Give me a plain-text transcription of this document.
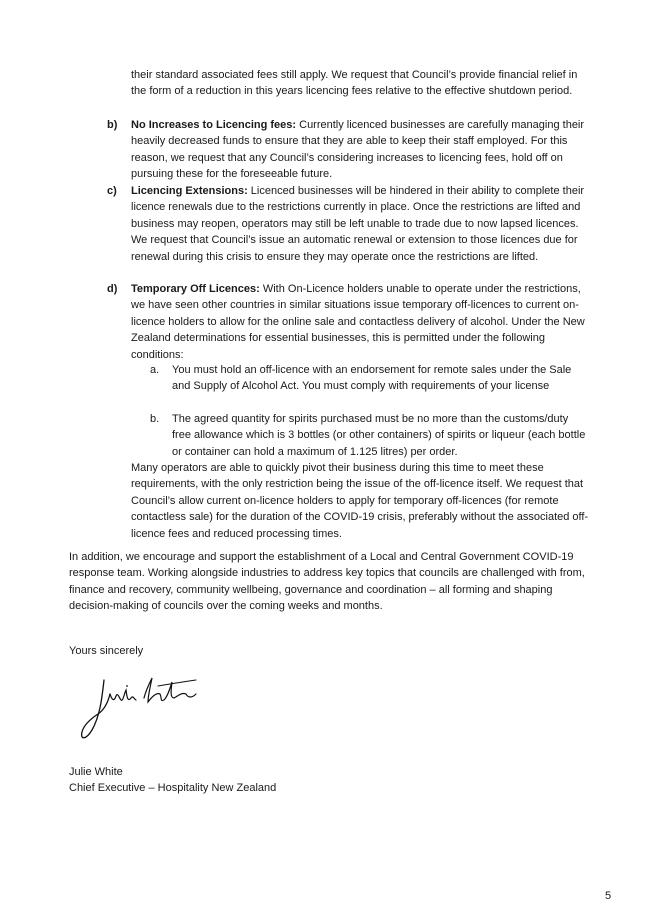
their standard associated fees still apply. We request that Council’s provide financial relief in the form of a reduction in this years licencing fees relative to the effective shutdown period.

b) No Increases to Licencing fees: Currently licenced businesses are carefully managing their heavily decreased funds to ensure that they are able to keep their staff employed. For this reason, we request that any Council’s considering increases to licencing fees, hold off on pursuing these for the foreseeable future.
c) Licencing Extensions: Licenced businesses will be hindered in their ability to complete their licence renewals due to the restrictions currently in place. Once the restrictions are lifted and business may reopen, operators may still be left unable to trade due to now lapsed licences. We request that Council’s issue an automatic renewal or extension to those licences due for renewal during this crisis to ensure they may operate once the restrictions are lifted.
d) Temporary Off Licences: With On-Licence holders unable to operate under the restrictions, we have seen other countries in similar situations issue temporary off-licences to current on-licence holders to allow for the online sale and contactless delivery of alcohol. Under the New Zealand determinations for essential businesses, this is permitted under the following conditions:
a. You must hold an off-licence with an endorsement for remote sales under the Sale and Supply of Alcohol Act. You must comply with requirements of your license
b. The agreed quantity for spirits purchased must be no more than the customs/duty free allowance which is 3 bottles (or other containers) of spirits or liqueur (each bottle or container can hold a maximum of 1.125 litres) per order.

Many operators are able to quickly pivot their business during this time to meet these requirements, with the only restriction being the issue of the off-licence itself. We request that Council’s allow current on-licence holders to apply for temporary off-licences (for remote contactless sale) for the duration of the COVID-19 crisis, preferably without the associated off-licence fees and reduced processing times.

In addition, we encourage and support the establishment of a Local and Central Government COVID-19 response team. Working alongside industries to address key topics that councils are challenged with from, finance and recovery, community wellbeing, governance and coordination – all forming and shaping decision-making of councils over the coming weeks and months.

Yours sincerely

Julie White
Chief Executive – Hospitality New Zealand
5
